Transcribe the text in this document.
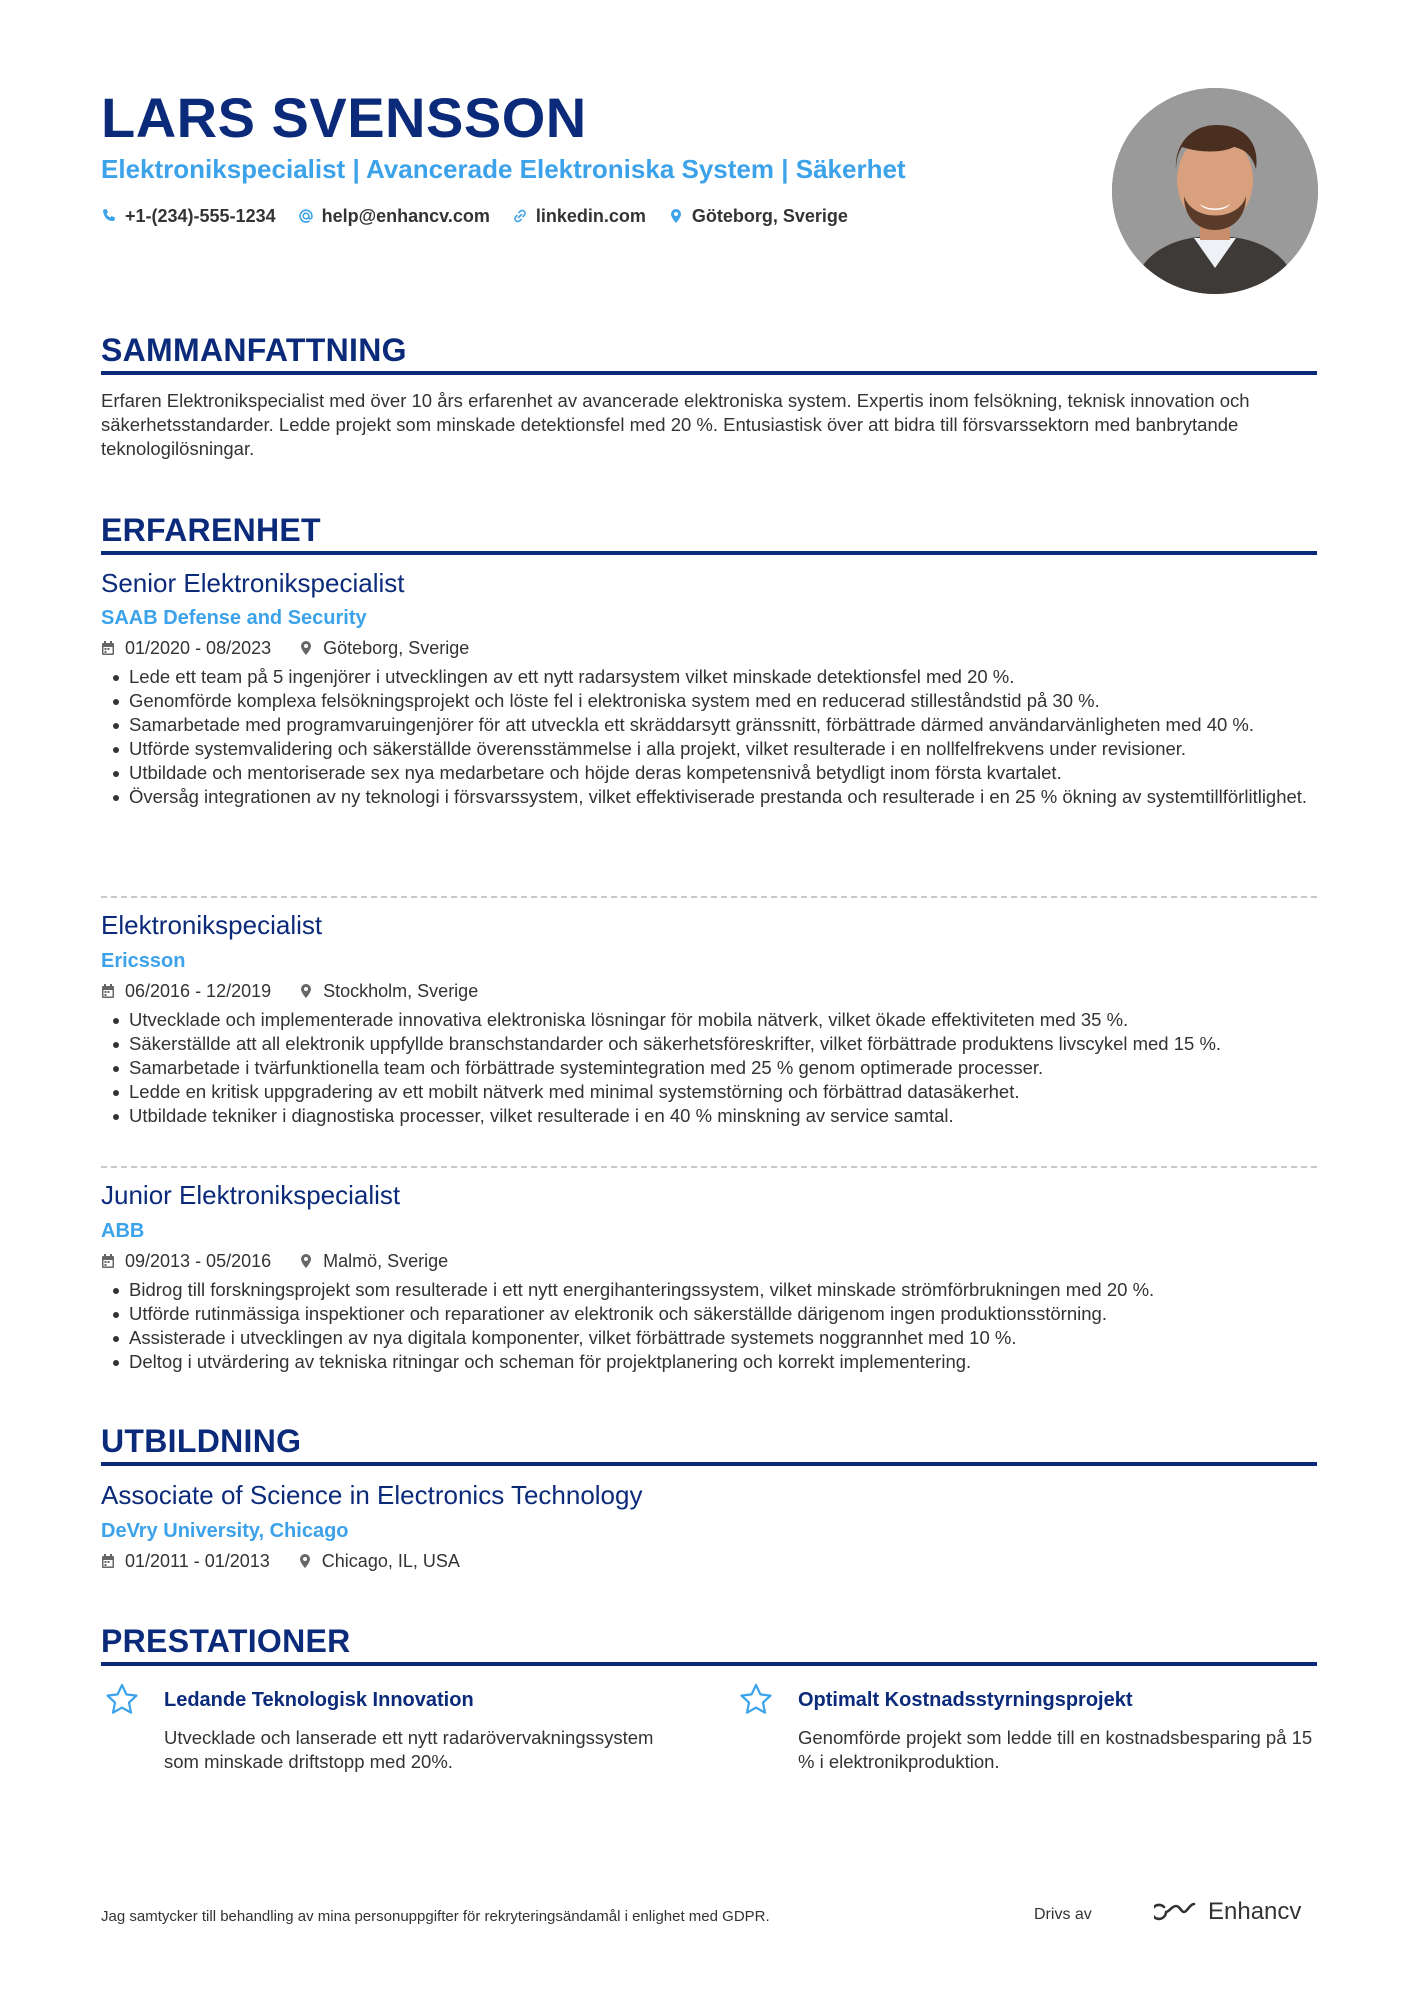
LARS SVENSSON
Elektronikspecialist | Avancerade Elektroniska System | Säkerhet
+1-(234)-555-1234	help@enhancv.com	linkedin.com	Göteborg, Sverige
SAMMANFATTNING
Erfaren Elektronikspecialist med över 10 års erfarenhet av avancerade elektroniska system. Expertis inom felsökning, teknisk innovation och säkerhetsstandarder. Ledde projekt som minskade detektionsfel med 20 %. Entusiastisk över att bidra till försvarssektorn med banbrytande teknologilösningar.
ERFARENHET
Senior Elektronikspecialist
SAAB Defense and Security
01/2020 - 08/2023	Göteborg, Sverige
Lede ett team på 5 ingenjörer i utvecklingen av ett nytt radarsystem vilket minskade detektionsfel med 20 %.
Genomförde komplexa felsökningsprojekt och löste fel i elektroniska system med en reducerad stilleståndstid på 30 %.
Samarbetade med programvaruingenjörer för att utveckla ett skräddarsytt gränssnitt, förbättrade därmed användarvänligheten med 40 %.
Utförde systemvalidering och säkerställde överensstämmelse i alla projekt, vilket resulterade i en nollfelfrekvens under revisioner.
Utbildade och mentoriserade sex nya medarbetare och höjde deras kompetensnivå betydligt inom första kvartalet.
Översåg integrationen av ny teknologi i försvarssystem, vilket effektiviserade prestanda och resulterade i en 25 % ökning av systemtillförlitlighet.
Elektronikspecialist
Ericsson
06/2016 - 12/2019	Stockholm, Sverige
Utvecklade och implementerade innovativa elektroniska lösningar för mobila nätverk, vilket ökade effektiviteten med 35 %.
Säkerställde att all elektronik uppfyllde branschstandarder och säkerhetsföreskrifter, vilket förbättrade produktens livscykel med 15 %.
Samarbetade i tvärfunktionella team och förbättrade systemintegration med 25 % genom optimerade processer.
Ledde en kritisk uppgradering av ett mobilt nätverk med minimal systemstörning och förbättrad datasäkerhet.
Utbildade tekniker i diagnostiska processer, vilket resulterade i en 40 % minskning av service samtal.
Junior Elektronikspecialist
ABB
09/2013 - 05/2016	Malmö, Sverige
Bidrog till forskningsprojekt som resulterade i ett nytt energihanteringssystem, vilket minskade strömförbrukningen med 20 %.
Utförde rutinmässiga inspektioner och reparationer av elektronik och säkerställde därigenom ingen produktionsstörning.
Assisterade i utvecklingen av nya digitala komponenter, vilket förbättrade systemets noggrannhet med 10 %.
Deltog i utvärdering av tekniska ritningar och scheman för projektplanering och korrekt implementering.
UTBILDNING
Associate of Science in Electronics Technology
DeVry University, Chicago
01/2011 - 01/2013	Chicago, IL, USA
PRESTATIONER
Ledande Teknologisk Innovation
Utvecklade och lanserade ett nytt radarövervakningssystem som minskade driftstopp med 20%.
Optimalt Kostnadsstyrningsprojekt
Genomförde projekt som ledde till en kostnadsbesparing på 15 % i elektronikproduktion.
Jag samtycker till behandling av mina personuppgifter för rekryteringsändamål i enlighet med GDPR.	Drivs av	Enhancv
